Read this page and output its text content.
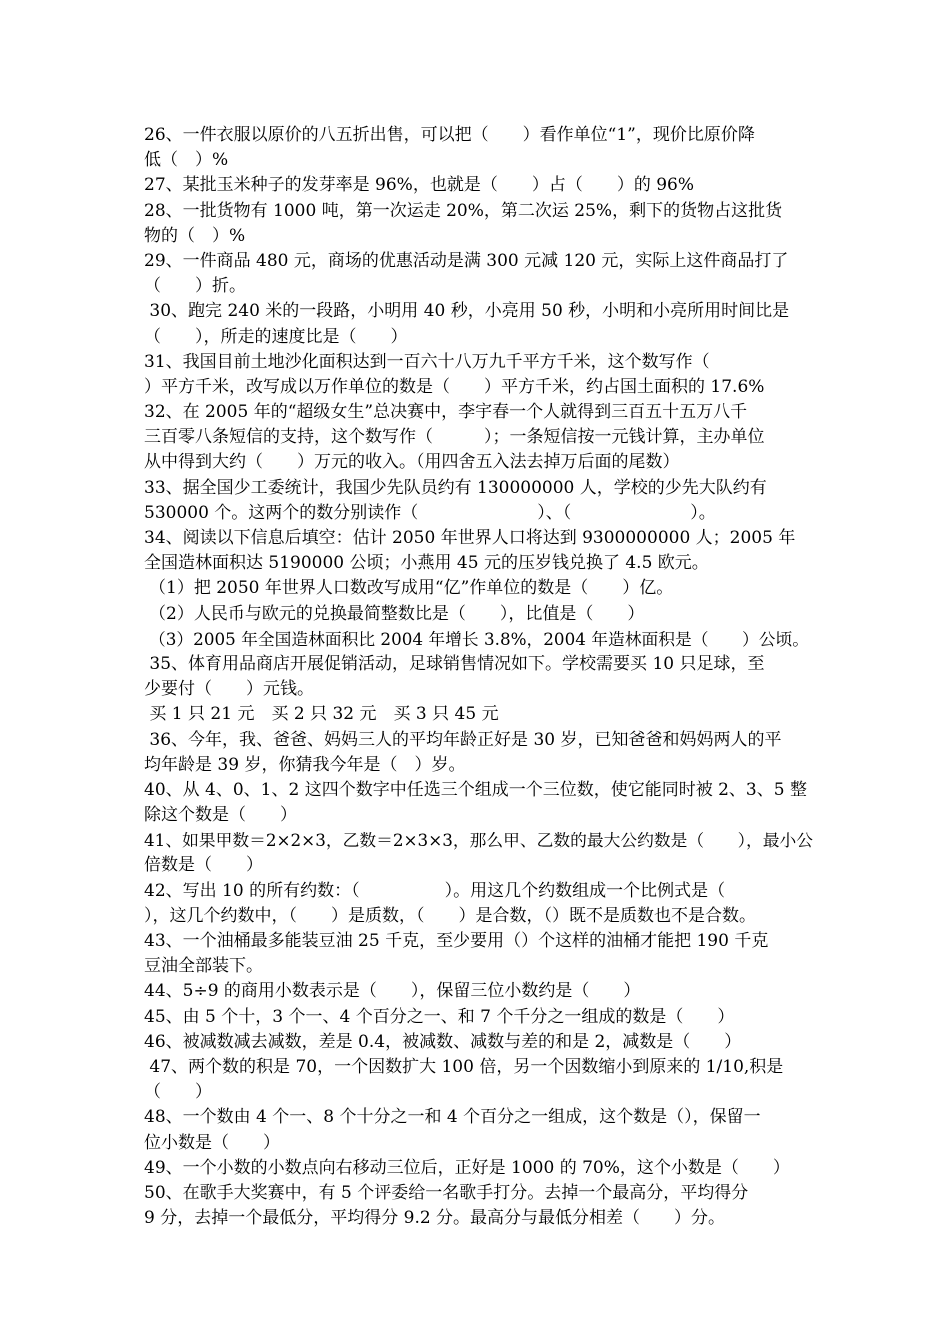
26、一件衣服以原价的八五折出售，可以把（　　）看作单位“1”，现价比原价降
低（　）%
27、某批玉米种子的发芽率是 96%，也就是（　　）占（　　）的 96%
28、一批货物有 1000 吨，第一次运走 20%，第二次运 25%，剩下的货物占这批货
物的（　）%
29、一件商品 480 元，商场的优惠活动是满 300 元减 120 元，实际上这件商品打了
（　　）折。
30、跑完 240 米的一段路，小明用 40 秒，小亮用 50 秒，小明和小亮所用时间比是
（　　），所走的速度比是（　　）
31、我国目前土地沙化面积达到一百六十八万九千平方千米，这个数写作（
）平方千米，改写成以万作单位的数是（　　）平方千米，约占国土面积的 17.6%
32、在 2005 年的“超级女生”总决赛中，李宇春一个人就得到三百五十五万八千
三百零八条短信的支持，这个数写作（　　　）；一条短信按一元钱计算，主办单位
从中得到大约（　　）万元的收入。（用四舍五入法去掉万后面的尾数）
33、据全国少工委统计，我国少先队员约有 130000000 人，学校的少先大队约有
530000 个。这两个的数分别读作（　　　　　　　）、（　　　　　　　）。
34、阅读以下信息后填空：估计 2050 年世界人口将达到 9300000000 人；2005 年
全国造林面积达 5190000 公顷；小燕用 45 元的压岁钱兑换了 4.5 欧元。
（1）把 2050 年世界人口数改写成用“亿”作单位的数是（　　）亿。
（2）人民币与欧元的兑换最简整数比是（　　），比值是（　　）
（3）2005 年全国造林面积比 2004 年增长 3.8%，2004 年造林面积是（　　）公顷。
35、体育用品商店开展促销活动，足球销售情况如下。学校需要买 10 只足球，至
少要付（　　）元钱。
买 1 只 21 元　买 2 只 32 元　买 3 只 45 元
36、今年，我、爸爸、妈妈三人的平均年龄正好是 30 岁，已知爸爸和妈妈两人的平
均年龄是 39 岁，你猜我今年是（　）岁。
40、从 4、0、1、2 这四个数字中任选三个组成一个三位数，使它能同时被 2、3、5 整
除这个数是（　　）
41、如果甲数＝2×2×3，乙数＝2×3×3，那么甲、乙数的最大公约数是（　　），最小公
倍数是（　　）
42、写出 10 的所有约数：（　　　　　）。用这几个约数组成一个比例式是（
），这几个约数中，（　　）是质数，（　　）是合数，（）既不是质数也不是合数。
43、一个油桶最多能装豆油 25 千克，至少要用（）个这样的油桶才能把 190 千克
豆油全部装下。
44、5÷9 的商用小数表示是（　　），保留三位小数约是（　　）
45、由 5 个十，3 个一、4 个百分之一、和 7 个千分之一组成的数是（　　）
46、被减数减去减数，差是 0.4，被减数、减数与差的和是 2，减数是（　　）
47、两个数的积是 70，一个因数扩大 100 倍，另一个因数缩小到原来的 1/10,积是
（　　）
48、一个数由 4 个一、8 个十分之一和 4 个百分之一组成，这个数是（），保留一
位小数是（　　）
49、一个小数的小数点向右移动三位后，正好是 1000 的 70%，这个小数是（　　）
50、在歌手大奖赛中，有 5 个评委给一名歌手打分。去掉一个最高分，平均得分
9 分，去掉一个最低分，平均得分 9.2 分。最高分与最低分相差（　　）分。
